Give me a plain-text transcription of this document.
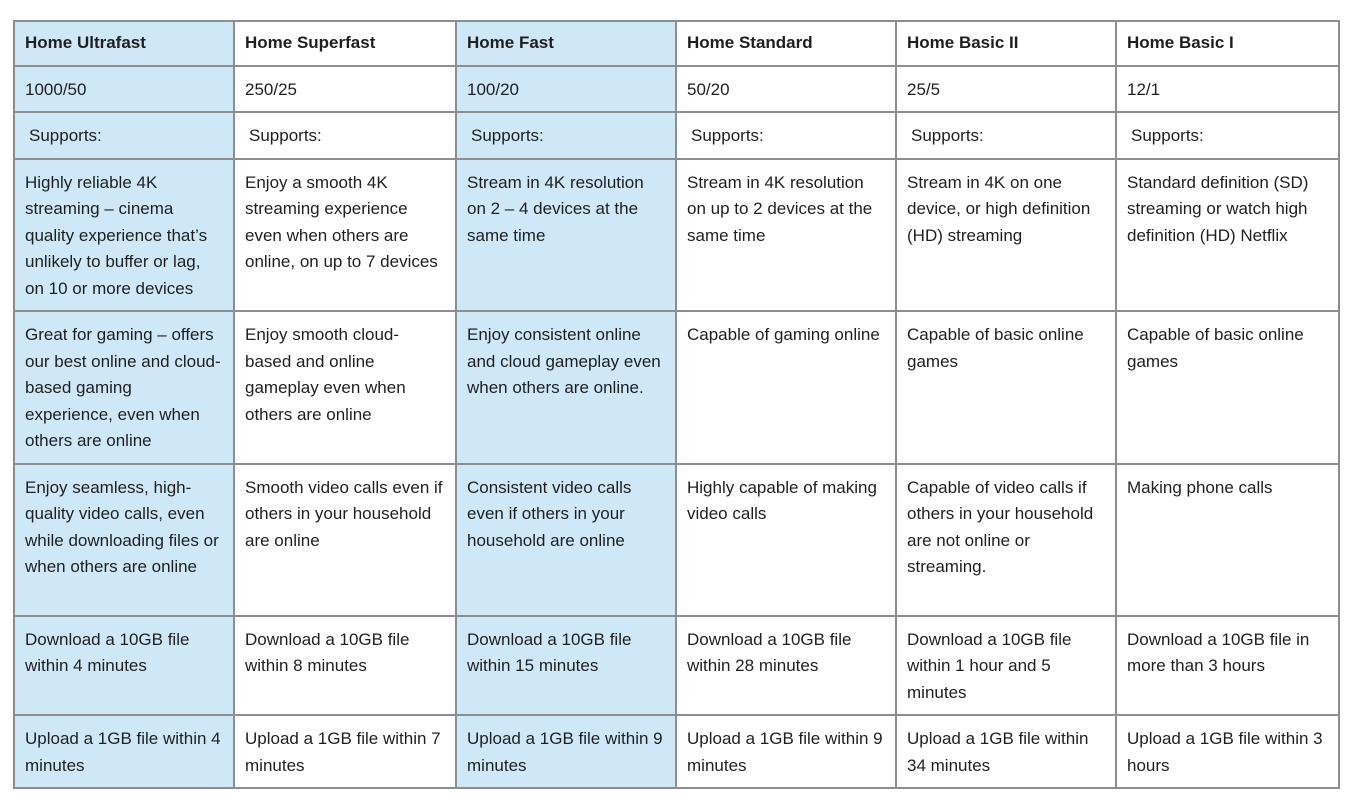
Home Ultrafast	Home Superfast	Home Fast	Home Standard	Home Basic II	Home Basic I
1000/50	250/25	100/20	50/20	25/5	12/1
Supports:	Supports:	Supports:	Supports:	Supports:	Supports:
Highly reliable 4K streaming – cinema quality experience that’s unlikely to buffer or lag, on 10 or more devices	Enjoy a smooth 4K streaming experience even when others are online, on up to 7 devices	Stream in 4K resolution on 2 – 4 devices at the same time	Stream in 4K resolution on up to 2 devices at the same time	Stream in 4K on one device, or high definition (HD) streaming	Standard definition (SD) streaming or watch high definition (HD) Netflix
Great for gaming – offers our best online and cloud-based gaming experience, even when others are online	Enjoy smooth cloud-based and online gameplay even when others are online	Enjoy consistent online and cloud gameplay even when others are online.	Capable of gaming online	Capable of basic online games	Capable of basic online games
Enjoy seamless, high-quality video calls, even while downloading files or when others are online	Smooth video calls even if others in your household are online	Consistent video calls even if others in your household are online	Highly capable of making video calls	Capable of video calls if others in your household are not online or streaming.	Making phone calls
Download a 10GB file within 4 minutes	Download a 10GB file within 8 minutes	Download a 10GB file within 15 minutes	Download a 10GB file within 28 minutes	Download a 10GB file within 1 hour and 5 minutes	Download a 10GB file in more than 3 hours
Upload a 1GB file within 4 minutes	Upload a 1GB file within 7 minutes	Upload a 1GB file within 9 minutes	Upload a 1GB file within 9 minutes	Upload a 1GB file within 34 minutes	Upload a 1GB file within 3 hours
